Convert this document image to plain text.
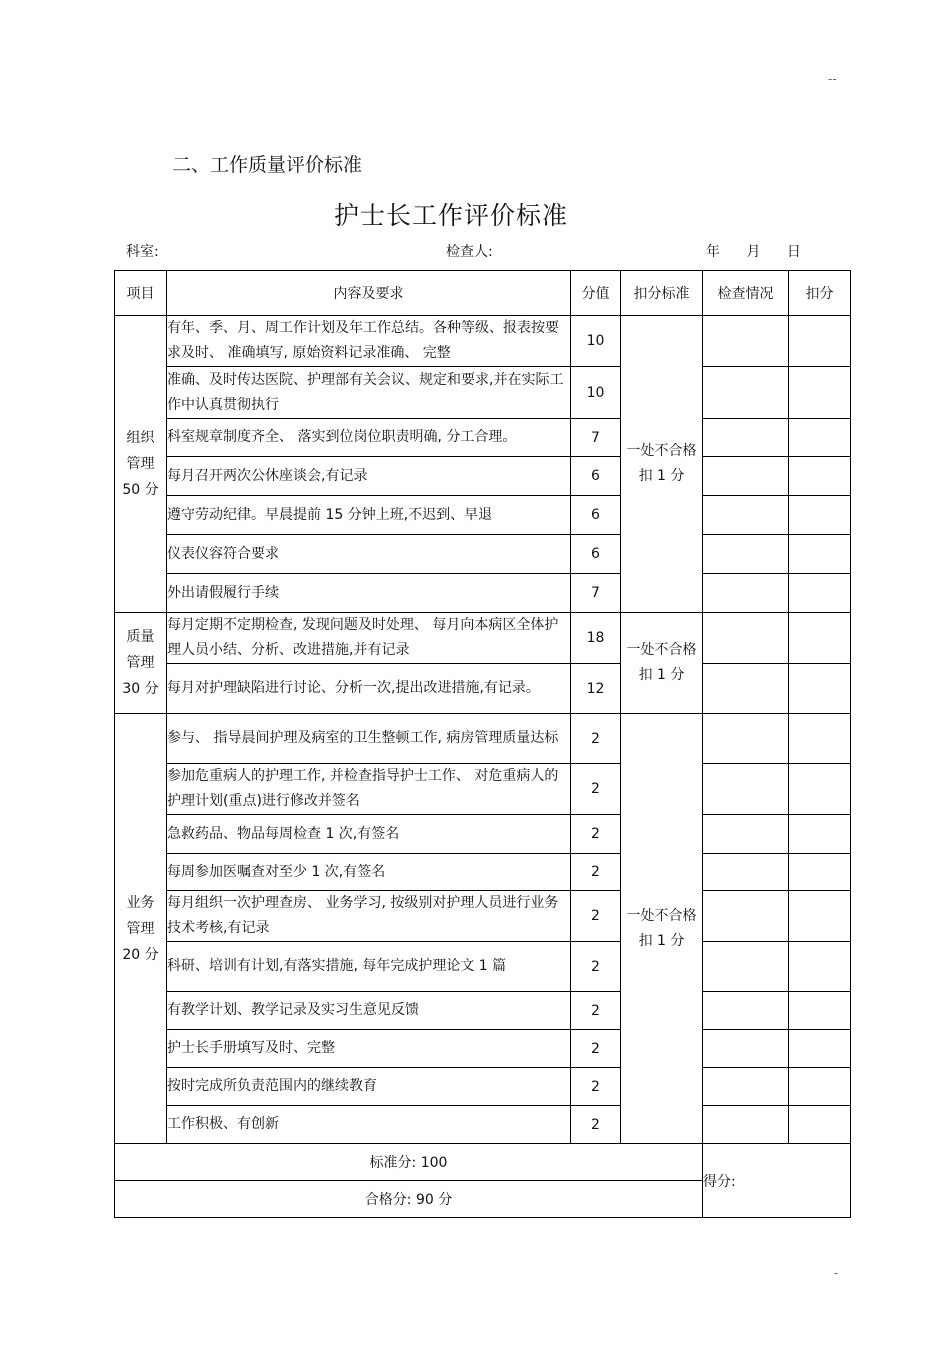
--
二、工作质量评价标准
护士长工作评价标准
科室:	检查人:	年 月 日
项目	内容及要求	分值	扣分标准	检查情况	扣分

组织
管理
50 分	有年、季、月、周工作计划及年工作总结。各种等级、报表按要求及时、 准确填写, 原始资料记录准确、 完整	10	一处不合格扣 1 分		
	准确、及时传达医院、护理部有关会议、规定和要求,并在实际工作中认真贯彻执行	10			
	科室规章制度齐全、 落实到位岗位职责明确, 分工合理。	7			
	每月召开两次公休座谈会,有记录	6			
	遵守劳动纪律。早晨提前 15 分钟上班,不迟到、早退	6			
	仪表仪容符合要求	6			
	外出请假履行手续	7			

质量
管理
30 分	每月定期不定期检查, 发现问题及时处理、 每月向本病区全体护理人员小结、分析、改进措施,并有记录	18	一处不合格扣 1 分		
	每月对护理缺陷进行讨论、分析一次,提出改进措施,有记录。	12			

业务
管理
20 分	参与、 指导晨间护理及病室的卫生整顿工作, 病房管理质量达标	2	一处不合格扣 1 分		
	参加危重病人的护理工作, 并检查指导护士工作、 对危重病人的护理计划(重点)进行修改并签名	2			
	急救药品、物品每周检查 1 次,有签名	2			
	每周参加医嘱查对至少 1 次,有签名	2			
	每月组织一次护理查房、 业务学习, 按级别对护理人员进行业务技术考核,有记录	2			
	科研、培训有计划,有落实措施, 每年完成护理论文 1 篇	2			
	有教学计划、教学记录及实习生意见反馈	2			
	护士长手册填写及时、完整	2			
	按时完成所负责范围内的继续教育	2			
	工作积极、有创新	2			
标准分: 100				得分:	
合格分: 90 分					
-
